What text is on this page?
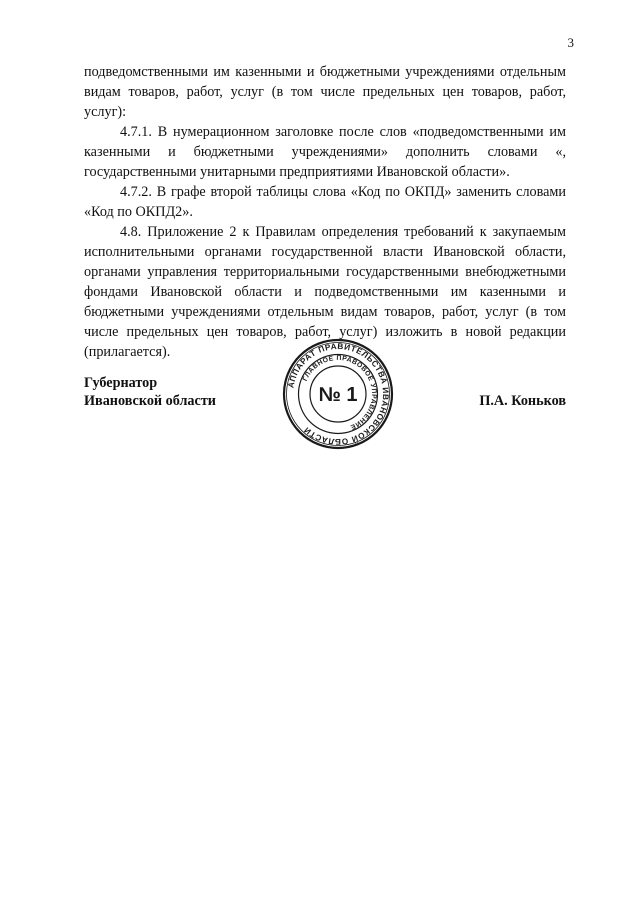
3

подведомственными им казенными и бюджетными учреждениями отдельным видам товаров, работ, услуг (в том числе предельных цен товаров, работ, услуг):

4.7.1. В нумерационном заголовке после слов «подведомственными им казенными и бюджетными учреждениями» дополнить словами «, государственными унитарными предприятиями Ивановской области».

4.7.2. В графе второй таблицы слова «Код по ОКПД» заменить словами «Код по ОКПД2».

4.8. Приложение 2 к Правилам определения требований к закупаемым исполнительными органами государственной власти Ивановской области, органами управления территориальными государственными внебюджетными фондами Ивановской области и подведомственными им казенными и бюджетными учреждениями отдельным видам товаров, работ, услуг (в том числе предельных цен товаров, работ, услуг) изложить в новой редакции (прилагается).

Губернатор
Ивановской области
АППАРАТ ПРАВИТЕЛЬСТВА ИВАНОВСКОЙ ОБЛАСТИ
ГЛАВНОЕ ПРАВОВОЕ УПРАВЛЕНИЕ
№ 1	П.А. Коньков
